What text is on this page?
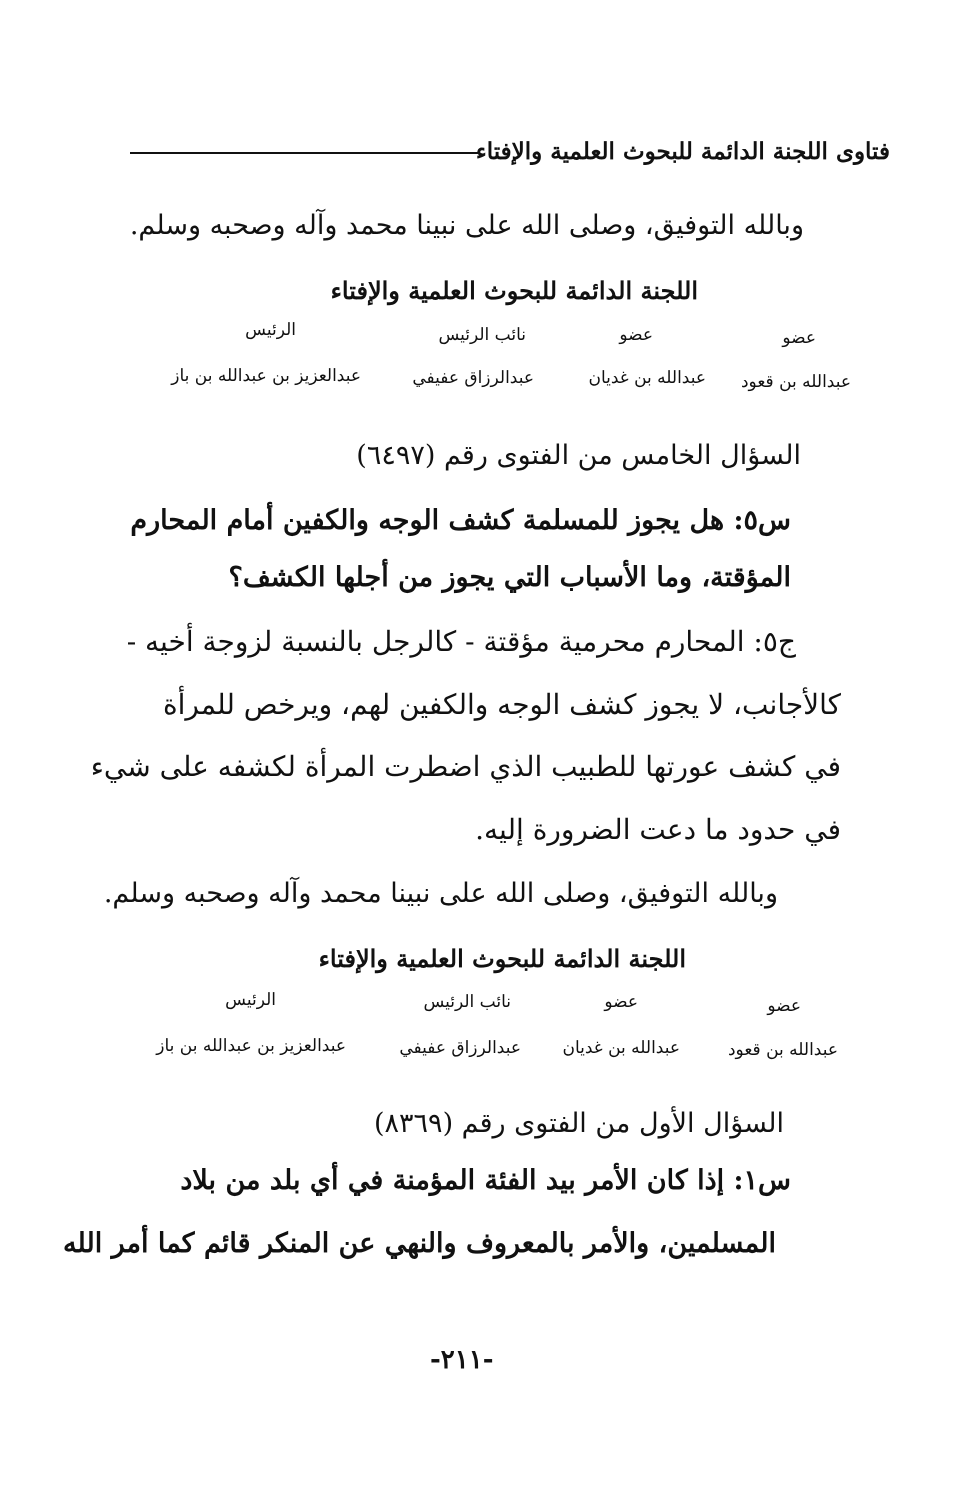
فتاوى اللجنة الدائمة للبحوث العلمية والإفتاء
وبالله التوفيق، وصلى الله على نبينا محمد وآله وصحبه وسلم.
اللجنة الدائمة للبحوث العلمية والإفتاء
عضو
عضو
نائب الرئيس
الرئيس
عبدالله بن قعود
عبدالله بن غديان
عبدالرزاق عفيفي
عبدالعزيز بن عبدالله بن باز
السؤال الخامس من الفتوى رقم (٦٤٩٧)
س٥: هل يجوز للمسلمة كشف الوجه والكفين أمام المحارم
المؤقتة، وما الأسباب التي يجوز من أجلها الكشف؟
ج٥: المحارم محرمية مؤقتة - كالرجل بالنسبة لزوجة أخيه -
كالأجانب، لا يجوز كشف الوجه والكفين لهم، ويرخص للمرأة
في كشف عورتها للطبيب الذي اضطرت المرأة لكشفه على شيء
في حدود ما دعت الضرورة إليه.
وبالله التوفيق، وصلى الله على نبينا محمد وآله وصحبه وسلم.
اللجنة الدائمة للبحوث العلمية والإفتاء
عضو
عضو
نائب الرئيس
الرئيس
عبدالله بن قعود
عبدالله بن غديان
عبدالرزاق عفيفي
عبدالعزيز بن عبدالله بن باز
السؤال الأول من الفتوى رقم (٨٣٦٩)
س١: إذا كان الأمر بيد الفئة المؤمنة في أي بلد من بلاد
المسلمين، والأمر بالمعروف والنهي عن المنكر قائم كما أمر الله
-٢١١-
